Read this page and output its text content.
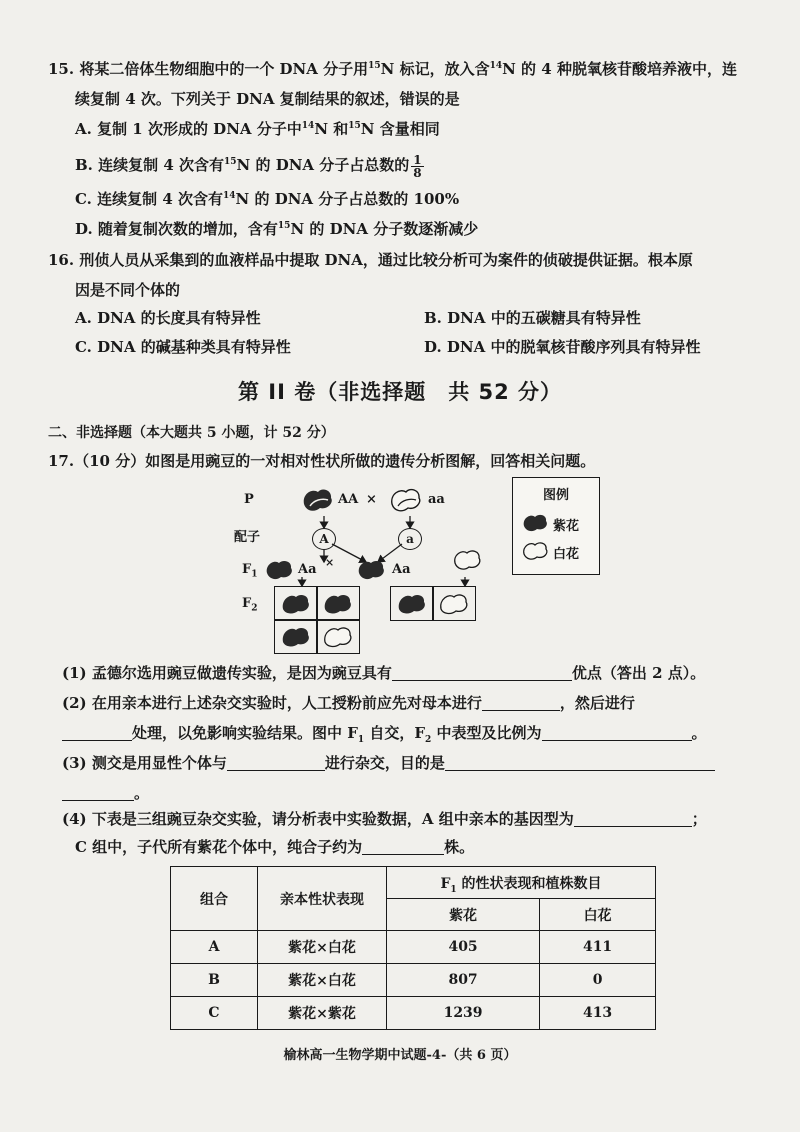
15. 将某二倍体生物细胞中的一个 DNA 分子用$^{15}$N 标记，放入含$^{14}$N 的 4 种脱氧核苷酸培养液中，连
续复制 4 次。下列关于 DNA 复制结果的叙述，错误的是
A. 复制 1 次形成的 DNA 分子中$^{14}$N 和$^{15}$N 含量相同
B. 连续复制 4 次含有$^{15}$N 的 DNA 分子占总数的 $\frac{1}{8}$
C. 连续复制 4 次含有$^{14}$N 的 DNA 分子占总数的 100%
D. 随着复制次数的增加，含有$^{15}$N 的 DNA 分子数逐渐减少
16. 刑侦人员从采集到的血液样品中提取 DNA，通过比较分析可为案件的侦破提供证据。根本原
因是不同个体的
A. DNA 的长度具有特异性	B. DNA 中的五碳糖具有特异性
C. DNA 的碱基种类具有特异性	D. DNA 中的脱氧核苷酸序列具有特异性
第 II 卷（非选择题　共 52 分）
二、非选择题（本大题共 5 小题，计 52 分）
17.（10 分）如图是用豌豆的一对相对性状所做的遗传分析图解，回答相关问题。
P	AA ×	aa
配子	A	a
$F_1$	Aa ×	Aa
$F_2$
图例
紫花
白花
(1) 孟德尔选用豌豆做遗传实验，是因为豌豆具有	优点（答出 2 点）。
(2) 在用亲本进行上述杂交实验时，人工授粉前应先对母本进行	，然后进行
处理，以免影响实验结果。图中 $F_1$ 自交，$F_2$ 中表型及比例为	。
(3) 测交是用显性个体与	进行杂交，目的是
。
(4) 下表是三组豌豆杂交实验，请分析表中实验数据，A 组中亲本的基因型为	；
C 组中，子代所有紫花个体中，纯合子约为	株。
组合	亲本性状表现	$F_1$ 的性状表现和植株数目	
		紫花	白花
A	紫花×白花	405	411
B	紫花×白花	807	0
C	紫花×紫花	1239	413
榆林高一生物学期中试题-4-（共 6 页）
